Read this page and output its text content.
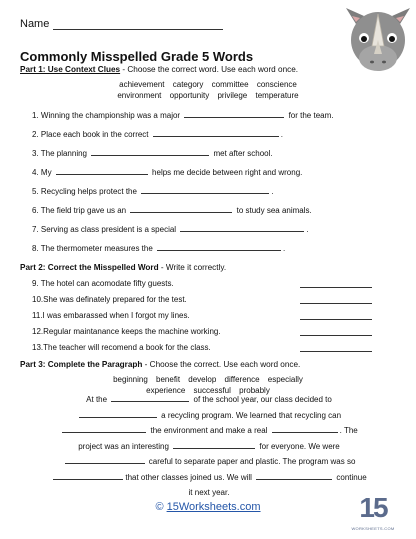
Name
Commonly Misspelled Grade 5 Words
Part 1: Use Context Clues - Choose the correct word. Use each word once.
achievement category committee conscience
environment opportunity privilege temperature
1. Winning the championship was a major	for the team.
2. Place each book in the correct	.
3. The planning	met after school.
4. My	helps me decide between right and wrong.
5. Recycling helps protect the	.
6. The field trip gave us an	to study sea animals.
7. Serving as class president is a special	.
8. The thermometer measures the	.
Part 2: Correct the Misspelled Word - Write it correctly.
9. The hotel can acomodate fifty guests.
10.She was definately prepared for the test.
11.I was embarassed when I forgot my lines.
12.Regular maintanance keeps the machine working.
13.The teacher will recomend a book for the class.
Part 3: Complete the Paragraph - Choose the correct. Use each word once.
beginning benefit develop difference especially
experience successful probably
At the	of the school year, our class decided to
a recycling program. We learned that recycling can
the environment and make a real	. The
project was an interesting	for everyone. We were
careful to separate paper and plastic. The program was so
that other classes joined us. We will	continue
it next year.
© 15Worksheets.com	15
WORKSHEETS.COM
